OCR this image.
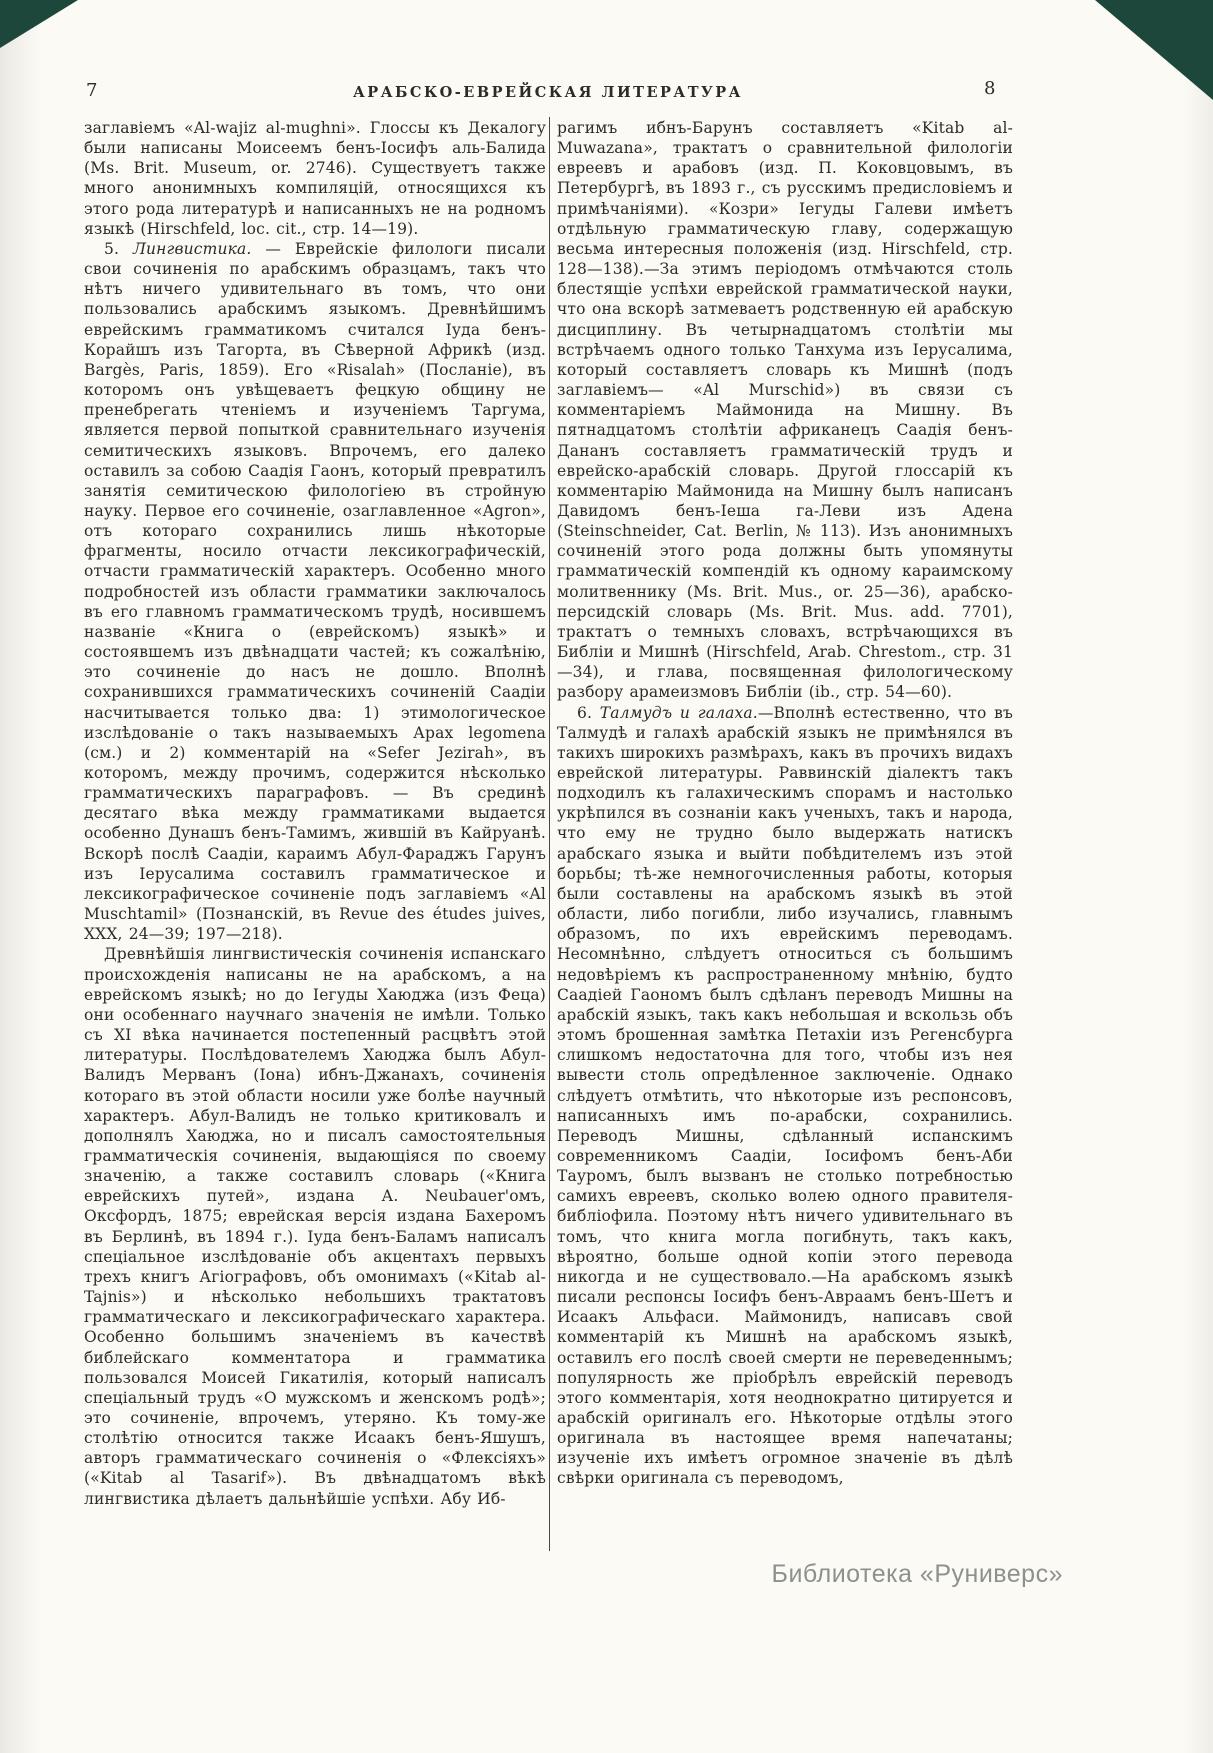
7	АРАБСКО-ЕВРЕЙСКАЯ ЛИТЕРАТУРА	8

заглавіемъ «Al-wajiz al-mughni». Глоссы къ Декалогу были написаны Моисеемъ бенъ-Іосифъ аль-Балида (Ms. Brit. Museum, or. 2746). Существуетъ также много анонимныхъ компиляцій, относящихся къ этого рода литературѣ и написанныхъ не на родномъ языкѣ (Hirschfeld, loc. cit., стр. 14—19).

5. Лингвистика. — Еврейскіе филологи писали свои сочиненія по арабскимъ образцамъ, такъ что нѣтъ ничего удивительнаго въ томъ, что они пользовались арабскимъ языкомъ. Древнѣйшимъ еврейскимъ грамматикомъ считался Іуда бенъ-Корайшъ изъ Тагорта, въ Сѣверной Африкѣ (изд. Bargès, Paris, 1859). Его «Risalah» (Посланіе), въ которомъ онъ увѣщеваетъ фецкую общину не пренебрегать чтеніемъ и изученіемъ Таргума, является первой попыткой сравнительнаго изученія семитическихъ языковъ. Впрочемъ, его далеко оставилъ за собою Саадія Гаонъ, который превратилъ занятія семитическою филологіею въ стройную науку. Первое его сочиненіе, озаглавленное «Agron», отъ котораго сохранились лишь нѣкоторые фрагменты, носило отчасти лексикографическій, отчасти грамматическій характеръ. Особенно много подробностей изъ области грамматики заключалось въ его главномъ грамматическомъ трудѣ, носившемъ названіе «Книга о (еврейскомъ) языкѣ» и состоявшемъ изъ двѣнадцати частей; къ сожалѣнію, это сочиненіе до насъ не дошло. Вполнѣ сохранившихся грамматическихъ сочиненій Саадіи насчитывается только два: 1) этимологическое изслѣдованіе о такъ называемыхъ Арах legomena (см.) и 2) комментарій на «Sefer Jezirah», въ которомъ, между прочимъ, содержится нѣсколько грамматическихъ параграфовъ. — Въ срединѣ десятаго вѣка между грамматиками выдается особенно Дунашъ бенъ-Тамимъ, жившій въ Кайруанѣ. Вскорѣ послѣ Саадіи, караимъ Абул-Фараджъ Гарунъ изъ Іерусалима составилъ грамматическое и лексикографическое сочиненіе подъ заглавіемъ «Al Muschtamil» (Познанскій, въ Revue des études juives, XXX, 24—39; 197—218).

Древнѣйшія лингвистическія сочиненія испанскаго происхожденія написаны не на арабскомъ, а на еврейскомъ языкѣ; но до Іегуды Хаюджа (изъ Феца) они особеннаго научнаго значенія не имѣли. Только съ XI вѣка начинается постепенный расцвѣтъ этой литературы. Послѣдователемъ Хаюджа былъ Абул-Валидъ Мерванъ (Іона) ибнъ-Джанахъ, сочиненія котораго въ этой области носили уже болѣе научный характеръ. Абул-Валидъ не только критиковалъ и дополнялъ Хаюджа, но и писалъ самостоятельныя грамматическія сочиненія, выдающіяся по своему значенію, а также составилъ словарь («Книга еврейскихъ путей», издана А. Neubauer'омъ, Оксфордъ, 1875; еврейская версія издана Бахеромъ въ Берлинѣ, въ 1894 г.). Іуда бенъ-Баламъ написалъ спеціальное изслѣдованіе объ акцентахъ первыхъ трехъ книгъ Агіографовъ, объ омонимахъ («Kitab al-Tajnis») и нѣсколько небольшихъ трактатовъ грамматическаго и лексикографическаго характера. Особенно большимъ значеніемъ въ качествѣ библейскаго комментатора и грамматика пользовался Моисей Гикатилія, который написалъ спеціальный трудъ «О мужскомъ и женскомъ родѣ»; это сочиненіе, впрочемъ, утеряно. Къ тому-же столѣтію относится также Исаакъ бенъ-Яшушъ, авторъ грамматическаго сочиненія о «Флексіяхъ» («Kitab al Tasarif»). Въ двѣнадцатомъ вѣкѣ лингвистика дѣлаетъ дальнѣйшіе успѣхи. Абу Иб-

рагимъ ибнъ-Барунъ составляетъ «Kitab al-Muwazana», трактатъ о сравнительной филологіи евреевъ и арабовъ (изд. П. Коковцовымъ, въ Петербургѣ, въ 1893 г., съ русскимъ предисловіемъ и примѣчаніями). «Козри» Іегуды Галеви имѣетъ отдѣльную грамматическую главу, содержащую весьма интересныя положенія (изд. Hirschfeld, стр. 128—138).—За этимъ періодомъ отмѣчаются столь блестящіе успѣхи еврейской грамматической науки, что она вскорѣ затмеваетъ родственную ей арабскую дисциплину. Въ четырнадцатомъ столѣтіи мы встрѣчаемъ одного только Танхума изъ Іерусалима, который составляетъ словарь къ Мишнѣ (подъ заглавіемъ— «Al Murschid») въ связи съ комментаріемъ Маймонида на Мишну. Въ пятнадцатомъ столѣтіи африканецъ Саадія бенъ-Дананъ составляетъ грамматическій трудъ и еврейско-арабскій словарь. Другой глоссарій къ комментарію Маймонида на Мишну былъ написанъ Давидомъ бенъ-Іеша га-Леви изъ Адена (Steinschneider, Cat. Berlin, № 113). Изъ анонимныхъ сочиненій этого рода должны быть упомянуты грамматическій компендій къ одному караимскому молитвеннику (Ms. Brit. Mus., or. 25—36), арабско-персидскій словарь (Ms. Brit. Mus. add. 7701), трактатъ о темныхъ словахъ, встрѣчающихся въ Библіи и Мишнѣ (Hirschfeld, Arab. Chrestom., стр. 31—34), и глава, посвященная филологическому разбору арамеизмовъ Библіи (ib., стр. 54—60).

6. Талмудъ и галаха.—Вполнѣ естественно, что въ Талмудѣ и галахѣ арабскій языкъ не примѣнялся въ такихъ широкихъ размѣрахъ, какъ въ прочихъ видахъ еврейской литературы. Раввинскій діалектъ такъ подходилъ къ галахическимъ спорамъ и настолько укрѣпился въ сознаніи какъ ученыхъ, такъ и народа, что ему не трудно было выдержать натискъ арабскаго языка и выйти побѣдителемъ изъ этой борьбы; тѣ-же немногочисленныя работы, которыя были составлены на арабскомъ языкѣ въ этой области, либо погибли, либо изучались, главнымъ образомъ, по ихъ еврейскимъ переводамъ. Несомнѣнно, слѣдуетъ относиться съ большимъ недовѣріемъ къ распространенному мнѣнію, будто Саадіей Гаономъ былъ сдѣланъ переводъ Мишны на арабскій языкъ, такъ какъ небольшая и вскользь объ этомъ брошенная замѣтка Петахіи изъ Регенсбурга слишкомъ недостаточна для того, чтобы изъ нея вывести столь опредѣленное заключеніе. Однако слѣдуетъ отмѣтить, что нѣкоторые изъ респонсовъ, написанныхъ имъ по-арабски, сохранились. Переводъ Мишны, сдѣланный испанскимъ современникомъ Саадіи, Іосифомъ бенъ-Аби Тауромъ, былъ вызванъ не столько потребностью самихъ евреевъ, сколько волею одного правителя-библіофила. Поэтому нѣтъ ничего удивительнаго въ томъ, что книга могла погибнуть, такъ какъ, вѣроятно, больше одной копіи этого перевода никогда и не существовало.—На арабскомъ языкѣ писали респонсы Іосифъ бенъ-Авраамъ бенъ-Шетъ и Исаакъ Альфаси. Маймонидъ, написавъ свой комментарій къ Мишнѣ на арабскомъ языкѣ, оставилъ его послѣ своей смерти не переведеннымъ; популярность же пріобрѣлъ еврейскій переводъ этого комментарія, хотя неоднократно цитируется и арабскій оригиналъ его. Нѣкоторые отдѣлы этого оригинала въ настоящее время напечатаны; изученіе ихъ имѣетъ огромное значеніе въ дѣлѣ свѣрки оригинала съ переводомъ,

Библиотека «Руниверс»
